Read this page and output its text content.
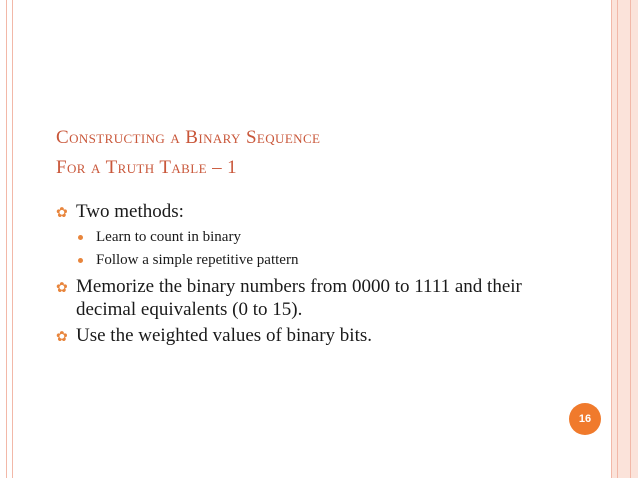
Constructing a Binary Sequence
For a Truth Table – 1
✿ Two methods:
Learn to count in binary
Follow a simple repetitive pattern
✿ Memorize the binary numbers from 0000 to 1111 and their decimal equivalents (0 to 15).
✿ Use the weighted values of binary bits.
16
